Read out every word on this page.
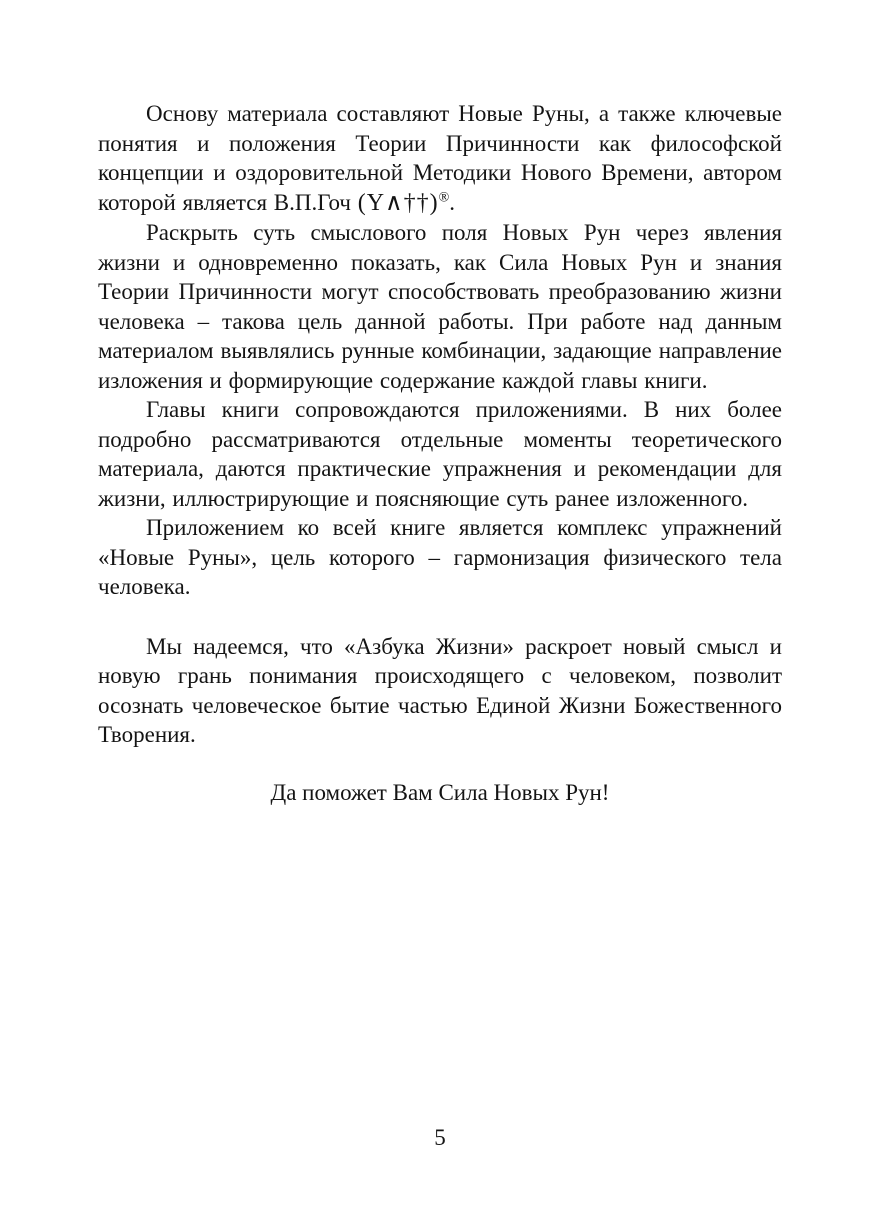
Основу материала составляют Новые Руны, а также ключевые понятия и положения Теории Причинности как философской концепции и оздоровительной Методики Нового Времени, автором которой является В.П.Гоч (Y∧††)®.

Раскрыть суть смыслового поля Новых Рун через явления жизни и одновременно показать, как Сила Новых Рун и знания Теории Причинности могут способствовать преобразованию жизни человека – такова цель данной работы. При работе над данным материалом выявлялись рунные комбинации, задающие направление изложения и формирующие содержание каждой главы книги.

Главы книги сопровождаются приложениями. В них более подробно рассматриваются отдельные моменты теоретического материала, даются практические упражнения и рекомендации для жизни, иллюстрирующие и поясняющие суть ранее изложенного.

Приложением ко всей книге является комплекс упражнений «Новые Руны», цель которого – гармонизация физического тела человека.

Мы надеемся, что «Азбука Жизни» раскроет новый смысл и новую грань понимания происходящего с человеком, позволит осознать человеческое бытие частью Единой Жизни Божественного Творения.

Да поможет Вам Сила Новых Рун!

5
